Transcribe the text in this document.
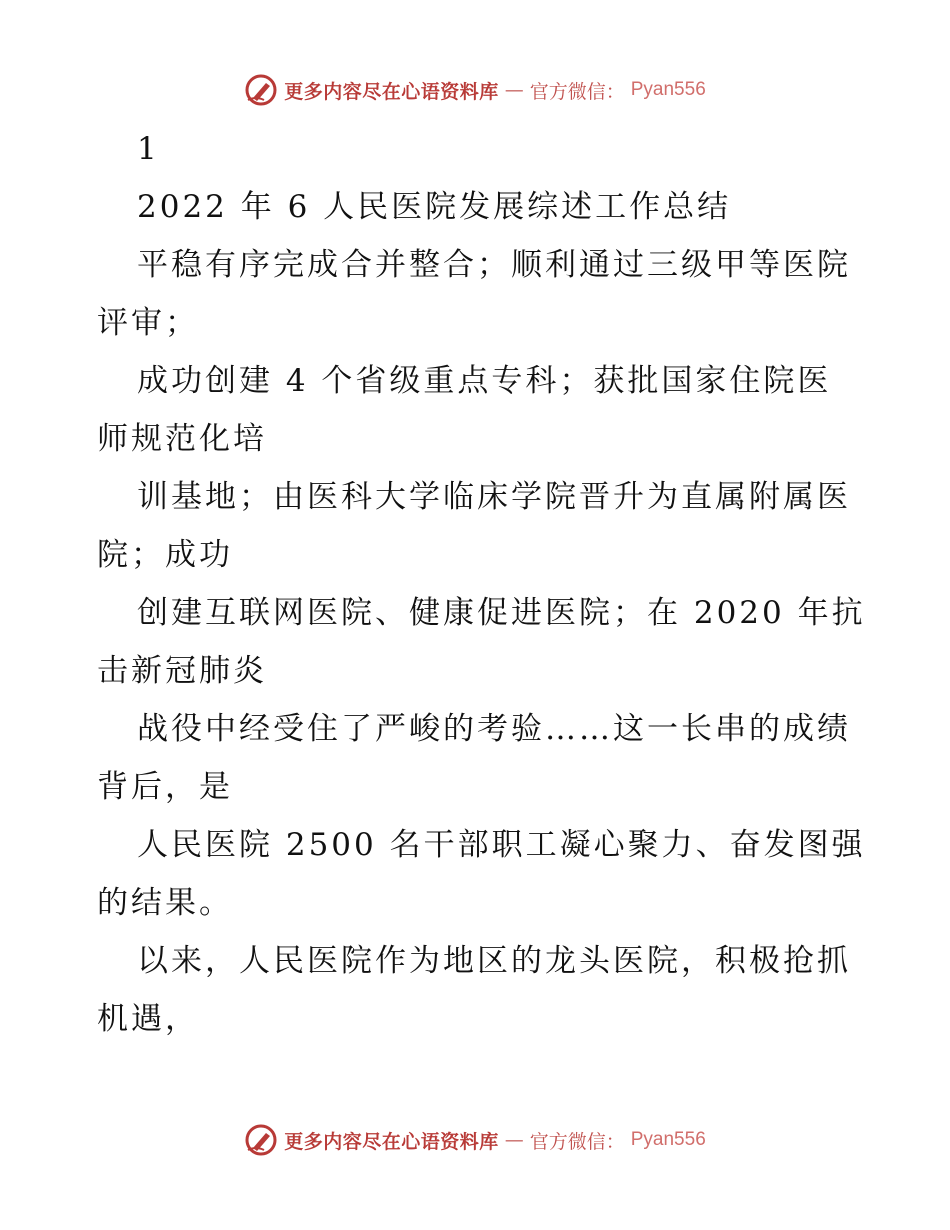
更多内容尽在心语资料库 — 官方微信： Pyan556
1
2022 年 6 人民医院发展综述工作总结
平稳有序完成合并整合；顺利通过三级甲等医院
评审；
成功创建 4 个省级重点专科；获批国家住院医
师规范化培
训基地；由医科大学临床学院晋升为直属附属医
院；成功
创建互联网医院、健康促进医院；在 2020 年抗
击新冠肺炎
战役中经受住了严峻的考验……这一长串的成绩
背后，是
人民医院 2500 名干部职工凝心聚力、奋发图强
的结果。
以来，人民医院作为地区的龙头医院，积极抢抓
机遇，
更多内容尽在心语资料库 — 官方微信： Pyan556
